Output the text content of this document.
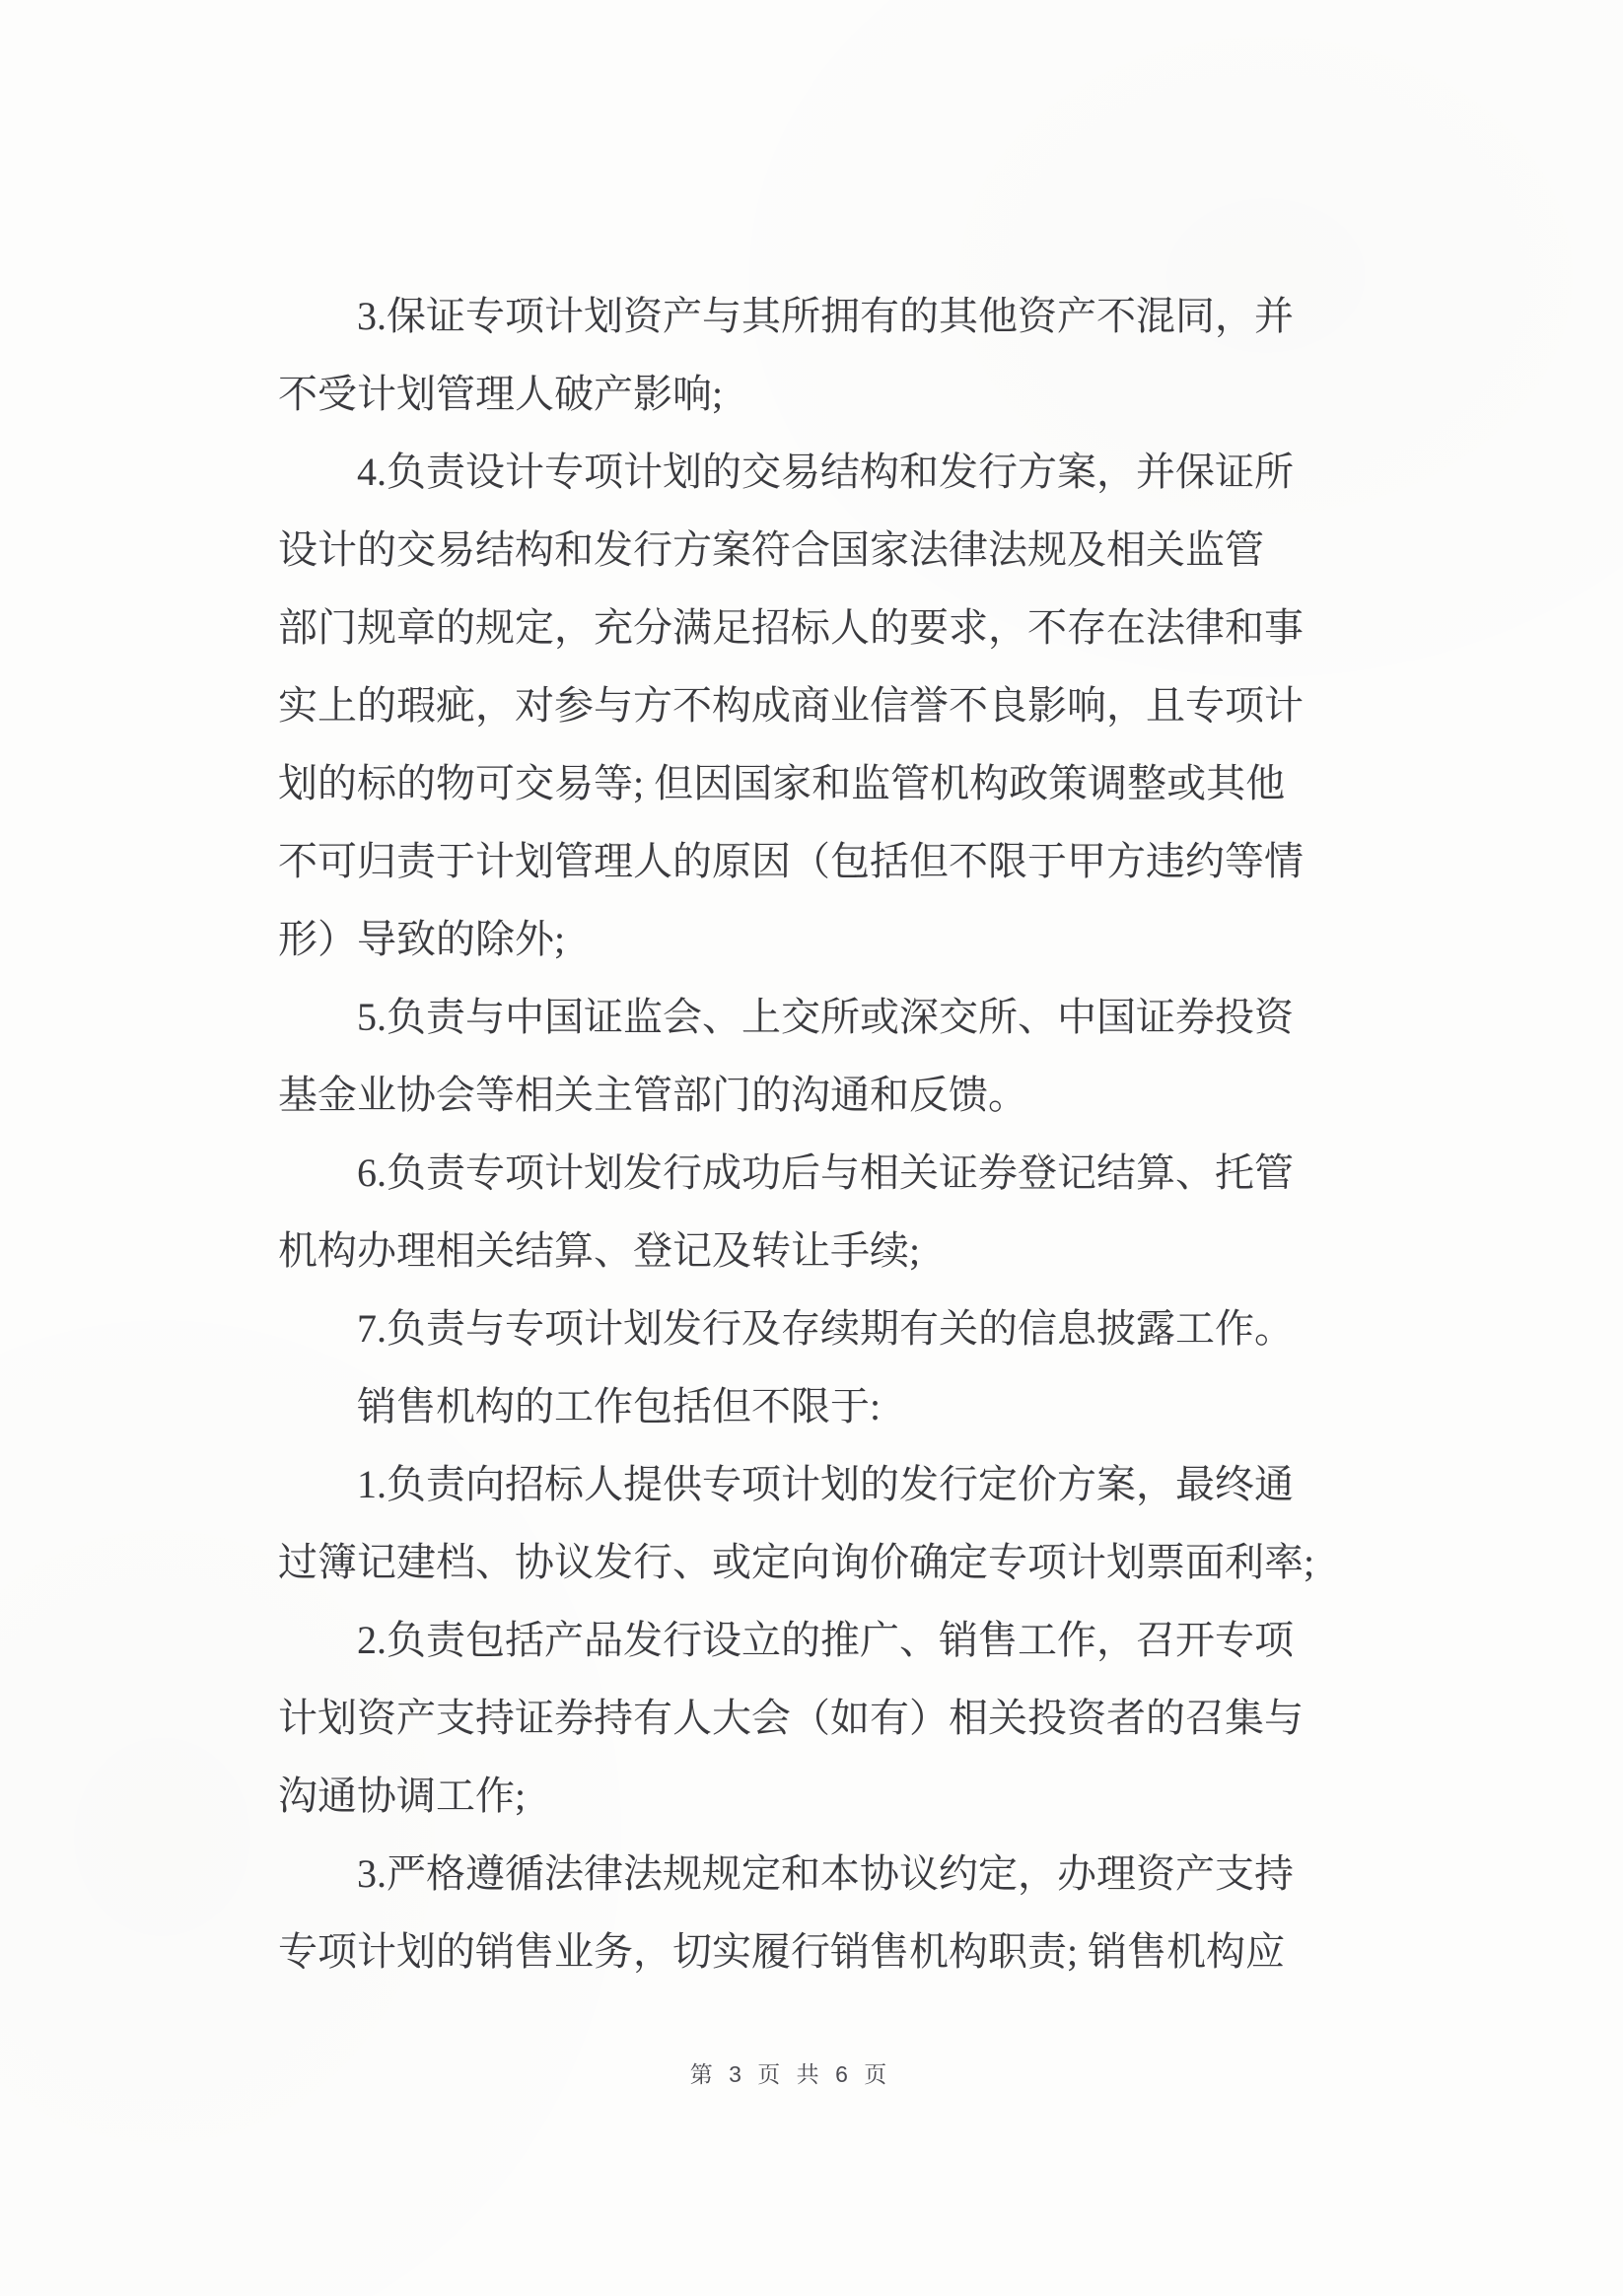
3.保证专项计划资产与其所拥有的其他资产不混同，并
不受计划管理人破产影响;
4.负责设计专项计划的交易结构和发行方案，并保证所
设计的交易结构和发行方案符合国家法律法规及相关监管
部门规章的规定，充分满足招标人的要求，不存在法律和事
实上的瑕疵，对参与方不构成商业信誉不良影响，且专项计
划的标的物可交易等; 但因国家和监管机构政策调整或其他
不可归责于计划管理人的原因（包括但不限于甲方违约等情
形）导致的除外;
5.负责与中国证监会、上交所或深交所、中国证券投资
基金业协会等相关主管部门的沟通和反馈。
6.负责专项计划发行成功后与相关证券登记结算、托管
机构办理相关结算、登记及转让手续;
7.负责与专项计划发行及存续期有关的信息披露工作。
销售机构的工作包括但不限于:
1.负责向招标人提供专项计划的发行定价方案，最终通
过簿记建档、协议发行、或定向询价确定专项计划票面利率;
2.负责包括产品发行设立的推广、销售工作，召开专项
计划资产支持证券持有人大会（如有）相关投资者的召集与
沟通协调工作;
3.严格遵循法律法规规定和本协议约定，办理资产支持
专项计划的销售业务，切实履行销售机构职责; 销售机构应
第 3 页 共 6 页
